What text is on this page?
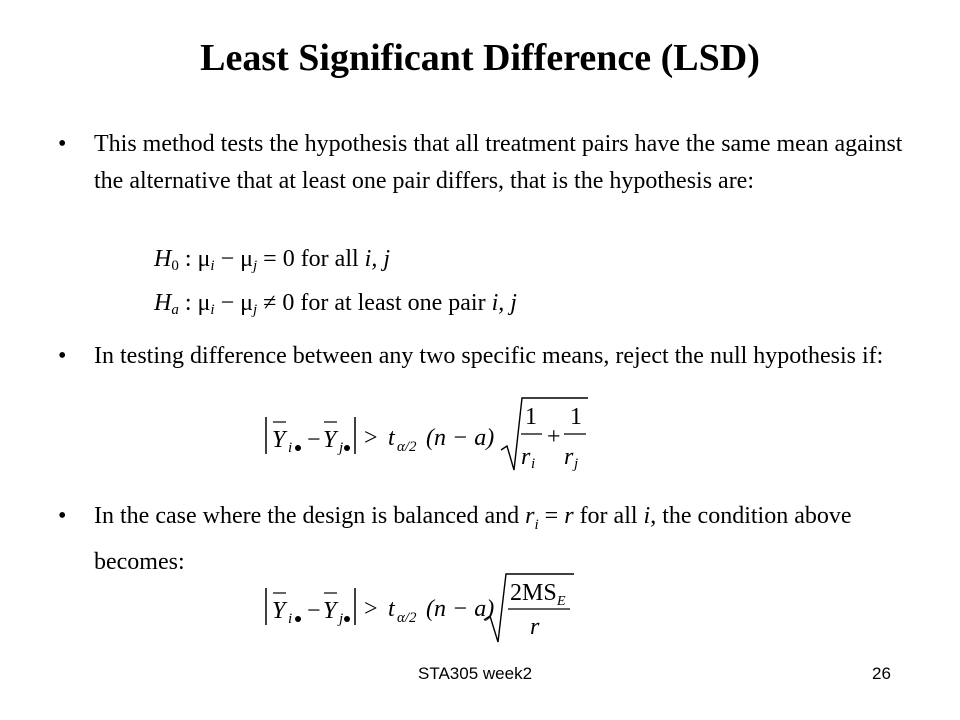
Least Significant Difference (LSD)
•	This method tests the hypothesis that all treatment pairs have the same mean against the alternative that at least one pair differs, that is the hypothesis are:
$H_0$ : $\mu_i - \mu_j = 0$ for all i, j
$H_a$ : $\mu_i - \mu_j \ne 0$ for at least one pair i, j
•	In testing difference between any two specific means, reject the null hypothesis if:
Y i − Y j > t α/2 (n − a)
1
r i
+
1
r j
•	In the case where the design is balanced and $r_i = r$ for all i, the condition above becomes:
Y i − Y j > t α/2 (n − a)
2MS E
r
STA305 week2	26
